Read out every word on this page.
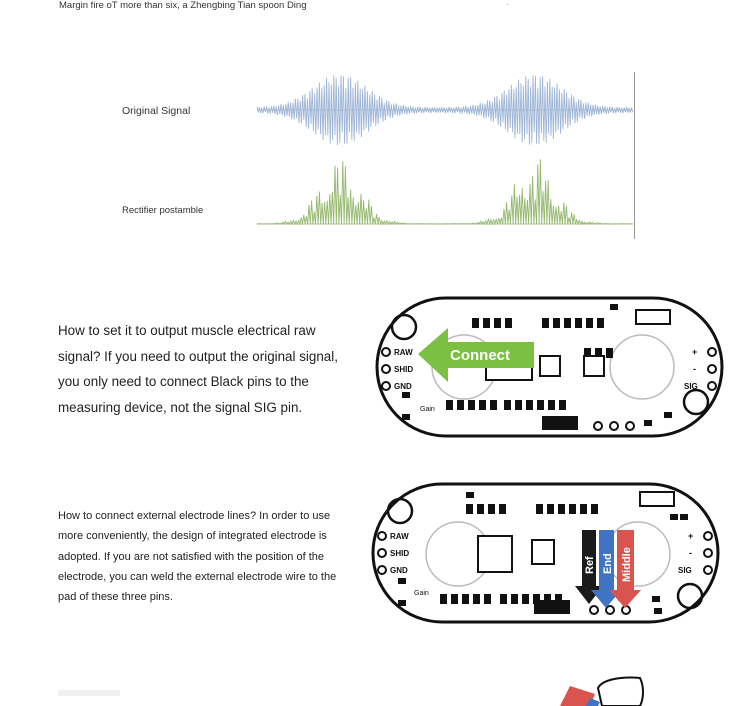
Margin fire oT more than six, a Zhengbing Tian spoon Ding	·
Original Signal
Rectifier postamble
How to set it to output muscle electrical raw signal? If you need to output the original signal, you only need to connect Black pins to the measuring device, not the signal SIG pin.
RAW
SHID
GND
+
-
SIG
Gain
Connect
How to connect external electrode lines? In order to use more conveniently, the design of integrated electrode is adopted. If you are not satisfied with the position of the electrode, you can weld the external electrode wire to the pad of these three pins.
RAW
SHID
GND
+
-
SIG
Gain
Ref End Middle
